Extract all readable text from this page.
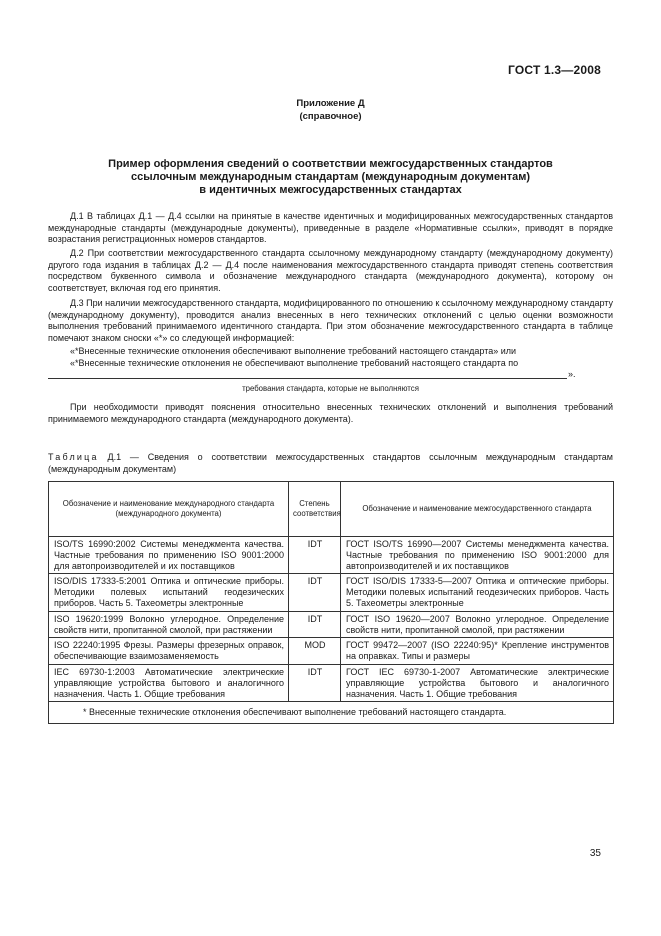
ГОСТ 1.3—2008
Приложение Д
(справочное)
Пример оформления сведений о соответствии межгосударственных стандартов
ссылочным международным стандартам (международным документам)
в идентичных межгосударственных стандартах

Д.1 В таблицах Д.1 — Д.4 ссылки на принятые в качестве идентичных и модифицированных межгосударственных стандартов международные стандарты (международные документы), приведенные в разделе «Нормативные ссылки», приводят в порядке возрастания регистрационных номеров стандартов.

Д.2 При соответствии межгосударственного стандарта ссылочному международному стандарту (международному документу) другого года издания в таблицах Д.2 — Д.4 после наименования межгосударственного стандарта приводят степень соответствия посредством буквенного символа и обозначение международного стандарта (международного документа), которому он соответствует, включая год его принятия.

Д.3 При наличии межгосударственного стандарта, модифицированного по отношению к ссылочному международному стандарту (международному документу), проводится анализ внесенных в него технических отклонений с целью оценки возможности выполнения требований принимаемого идентичного стандарта. При этом обозначение межгосударственного стандарта в таблице помечают знаком сноски «*» со следующей информацией:

«*Внесенные технические отклонения обеспечивают выполнение требований настоящего стандарта» или
«*Внесенные технические отклонения не обеспечивают выполнение требований настоящего стандарта по
».
требования стандарта, которые не выполняются

При необходимости приводят пояснения относительно внесенных технических отклонений и выполнения требований принимаемого международного стандарта (международного документа).

Таблица Д.1 — Сведения о соответствии межгосударственных стандартов ссылочным международным стандартам (международным документам)
Обозначение и наименование международного стандарта (международного документа)	Степень соответствия	Обозначение и наименование межгосударственного стандарта
ISO/TS 16990:2002 Системы менеджмента качества. Частные требования по применению ISO 9001:2000 для автопроизводителей и их поставщиков	IDT	ГОСТ ISO/TS 16990—2007 Системы менеджмента качества. Частные требования по применению ISO 9001:2000 для автопроизводителей и их поставщиков
ISO/DIS 17333-5:2001 Оптика и оптические приборы. Методики полевых испытаний геодезических приборов. Часть 5. Тахеометры электронные	IDT	ГОСТ ISO/DIS 17333-5—2007 Оптика и оптические приборы. Методики полевых испытаний геодезических приборов. Часть 5. Тахеометры электронные
ISO 19620:1999 Волокно углеродное. Определение свойств нити, пропитанной смолой, при растяжении	IDT	ГОСТ ISO 19620—2007 Волокно углеродное. Определение свойств нити, пропитанной смолой, при растяжении
ISO 22240:1995 Фрезы. Размеры фрезерных оправок, обеспечивающие взаимозаменяемость	MOD	ГОСТ 99472—2007 (ISO 22240:95)* Крепление инструментов на оправках. Типы и размеры
IEC 69730-1:2003 Автоматические электрические управляющие устройства бытового и аналогичного назначения. Часть 1. Общие требования	IDT	ГОСТ IEC 69730-1-2007 Автоматические электрические управляющие устройства бытового и аналогичного назначения. Часть 1. Общие требования
* Внесенные технические отклонения обеспечивают выполнение требований настоящего стандарта.		
35
